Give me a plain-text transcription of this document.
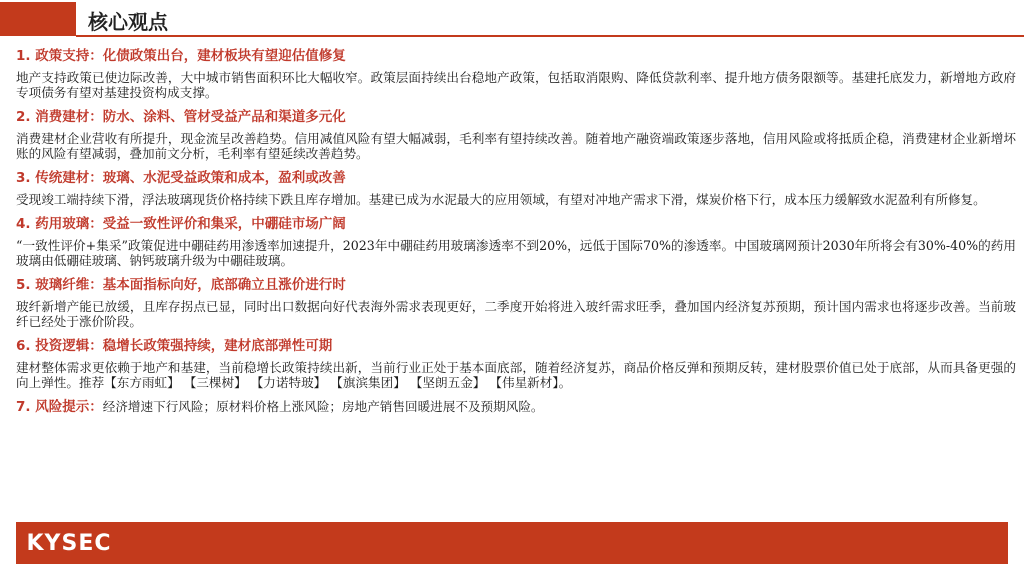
核心观点
1. 政策支持：化债政策出台，建材板块有望迎估值修复
地产支持政策已使边际改善，大中城市销售面积环比大幅收窄。政策层面持续出台稳地产政策，包括取消限购、降低贷款利率、提升地方债务限额等。基建托底发力，新增地方政府专项债务有望对基建投资构成支撑。
2. 消费建材：防水、涂料、管材受益产品和渠道多元化
消费建材企业营收有所提升，现金流呈改善趋势。信用减值风险有望大幅减弱，毛利率有望持续改善。随着地产融资端政策逐步落地，信用风险或将抵质企稳，消费建材企业新增坏账的风险有望减弱，叠加前文分析，毛利率有望延续改善趋势。
3. 传统建材：玻璃、水泥受益政策和成本，盈利或改善
受现竣工端持续下滑，浮法玻璃现货价格持续下跌且库存增加。基建已成为水泥最大的应用领域，有望对冲地产需求下滑，煤炭价格下行，成本压力缓解致水泥盈利有所修复。
4. 药用玻璃：受益一致性评价和集采，中硼硅市场广阔
“一致性评价+集采”政策促进中硼硅药用渗透率加速提升，2023年中硼硅药用玻璃渗透率不到20%，远低于国际70%的渗透率。中国玻璃网预计2030年所将会有30%-40%的药用玻璃由低硼硅玻璃、钠钙玻璃升级为中硼硅玻璃。
5. 玻璃纤维：基本面指标向好，底部确立且涨价进行时
玻纤新增产能已放缓，且库存拐点已显，同时出口数据向好代表海外需求表现更好，二季度开始将进入玻纤需求旺季，叠加国内经济复苏预期，预计国内需求也将逐步改善。当前玻纤已经处于涨价阶段。
6. 投资逻辑：稳增长政策强持续，建材底部弹性可期
建材整体需求更依赖于地产和基建，当前稳增长政策持续出新，当前行业正处于基本面底部，随着经济复苏，商品价格反弹和预期反转，建材股票价值已处于底部，从而具备更强的向上弹性。推荐【东方雨虹】 【三棵树】 【力诺特玻】 【旗滨集团】 【坚朗五金】 【伟星新材】。
7. 风险提示：经济增速下行风险；原材料价格上涨风险；房地产销售回暖进展不及预期风险。
KYSEC
